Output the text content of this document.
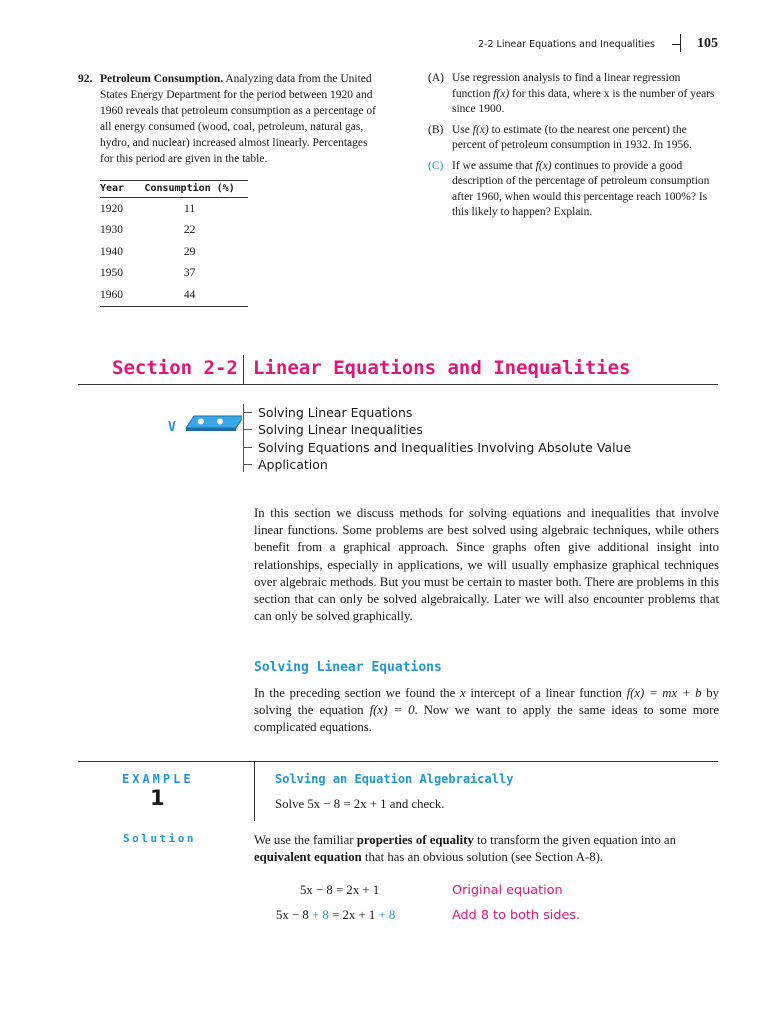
2-2 Linear Equations and Inequalities	105
92. Petroleum Consumption. Analyzing data from the United States Energy Department for the period between 1920 and 1960 reveals that petroleum consumption as a percentage of all energy consumed (wood, coal, petroleum, natural gas, hydro, and nuclear) increased almost linearly. Percentages for this period are given in the table.
Year	Consumption (%)
1920	11
1930	22
1940	29
1950	37
1960	44
(A) Use regression analysis to find a linear regression function f(x) for this data, where x is the number of years since 1900.
(B) Use f(x) to estimate (to the nearest one percent) the percent of petroleum consumption in 1932. In 1956.
(C) If we assume that f(x) continues to provide a good description of the percentage of petroleum consumption after 1960, when would this percentage reach 100%? Is this likely to happen? Explain.
Section 2-2 Linear Equations and Inequalities
V
Solving Linear Equations
Solving Linear Inequalities
Solving Equations and Inequalities Involving Absolute Value
Application
In this section we discuss methods for solving equations and inequalities that involve linear functions. Some problems are best solved using algebraic techniques, while others benefit from a graphical approach. Since graphs often give additional insight into relationships, especially in applications, we will usually emphasize graphical techniques over algebraic methods. But you must be certain to master both. There are problems in this section that can only be solved algebraically. Later we will also encounter problems that can only be solved graphically.
Solving Linear Equations
In the preceding section we found the x intercept of a linear function f(x) = mx + b by solving the equation f(x) = 0. Now we want to apply the same ideas to some more complicated equations.
EXAMPLE
1
Solving an Equation Algebraically
Solve 5x − 8 = 2x + 1 and check.
Solution	We use the familiar properties of equality to transform the given equation into an equivalent equation that has an obvious solution (see Section A-8).
5x − 8 = 2x + 1	Original equation
5x − 8 + 8 = 2x + 1 + 8	Add 8 to both sides.
